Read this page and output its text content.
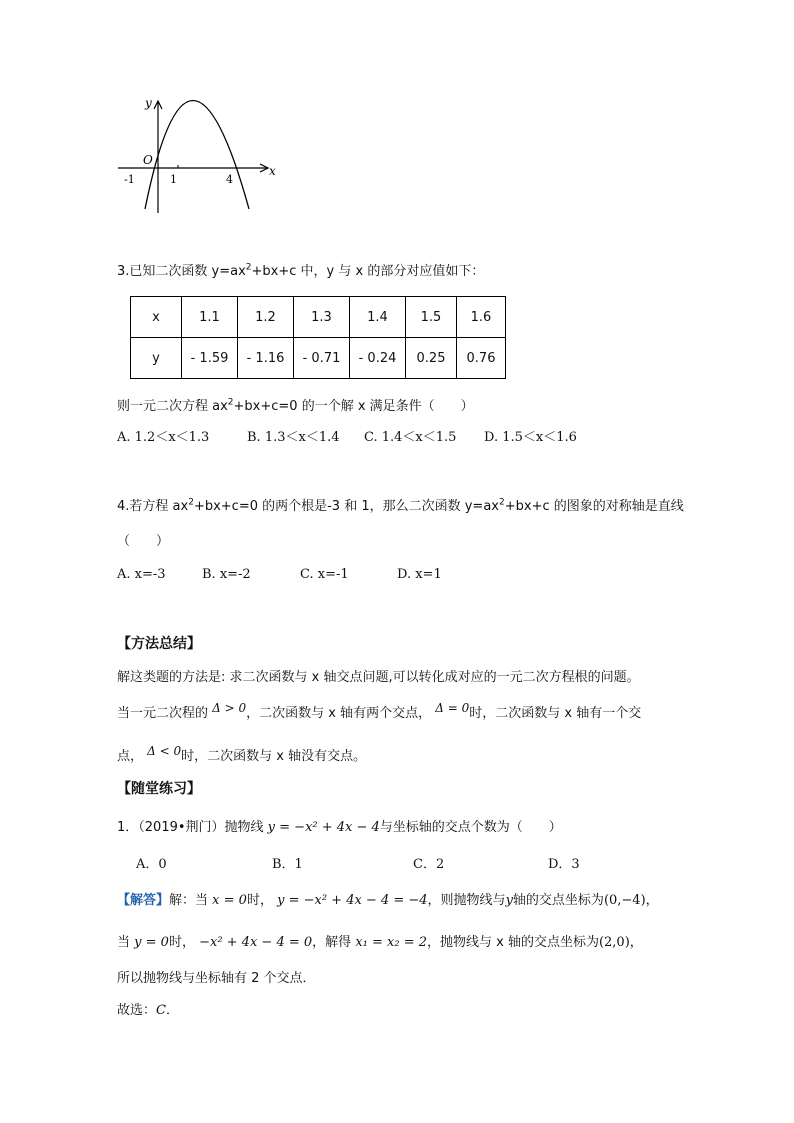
y
x
O
-1	1	4
3.已知二次函数 $y=ax^2+bx+c$ 中，y 与 x 的部分对应值如下：
x	1.1	1.2	1.3	1.4	1.5	1.6
y	- 1.59	- 1.16	- 0.71	- 0.24	0.25	0.76
则一元二次方程 $ax^2+bx+c=0$ 的一个解 x 满足条件（　　）
A. 1.2＜x＜1.3	B. 1.3＜x＜1.4 C. 1.4＜x＜1.5 D. 1.5＜x＜1.6
4.若方程 $ax^2+bx+c=0$ 的两个根是-3 和 1，那么二次函数 $y=ax^2+bx+c$ 的图象的对称轴是直线
（　　）
A. x=-3	B. x=-2	C. x=-1	D. x=1
【方法总结】
解这类题的方法是: 求二次函数与 x 轴交点问题,可以转化成对应的一元二次方程根的问题。
当一元二次程的 Δ > 0，二次函数与 x 轴有两个交点， Δ = 0时，二次函数与 x 轴有一个交
点， Δ < 0时，二次函数与 x 轴没有交点。
【随堂练习】
1．（2019•荆门）抛物线 y = −x² + 4x − 4与坐标轴的交点个数为（　　）
A．0	B．1	C．2	D．3
【解答】解：当 x = 0时， y = −x² + 4x − 4 = −4，则抛物线与y轴的交点坐标为(0,−4)，
当 y = 0时， −x² + 4x − 4 = 0，解得 x₁ = x₂ = 2，抛物线与 x 轴的交点坐标为(2,0)，
所以抛物线与坐标轴有 2 个交点．
故选：C．
